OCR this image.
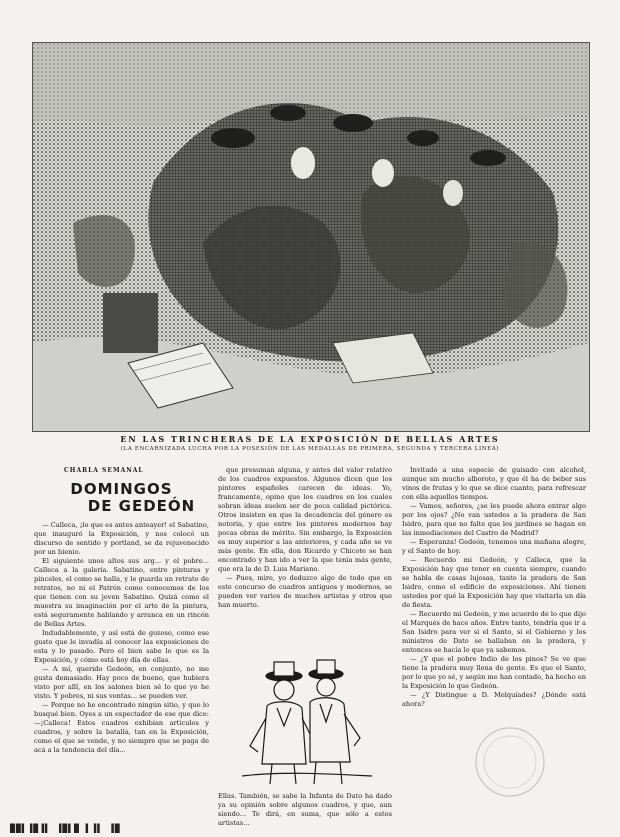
EN LAS TRINCHERAS DE LA EXPOSICIÓN DE BELLAS ARTES
(LA ENCARNIZADA LUCHA POR LA POSESIÓN DE LAS MEDALLAS DE PRIMERA, SEGUNDA Y TERCERA LINEA)
CHARLA SEMANAL
DOMINGOS
DE GEDEÓN

— Calleca, ¡lo que es antes anteayer! el Sabatino, que inauguró la Exposición, y nos colocó un discurso de sentido y portland, se da rejuvenecido por un bienio.

El siguiente unos altos sus arg... y el pobre... Calleca a la galería. Sabatino, entre pinturas y pinceles, el como se halla, y le guarda un retrato de retratos, no ni el Patrón como conocemos de los que tienen con su joven Sabatino. Quizá como el muestra su imaginación por el arte de la pintura, está seguramente hablando y arranca en un rincón de Bellas Artes.

Indudablemente, y así está de gozoso, como ese gusto que le invadía al conocer las exposiciones de esta y lo pasado. Pero el bien sabe lo que es la Exposición, y cómo está hoy día de ellas.

— A mí, querido Gedeón, en conjunto, no me gusta demasiado. Hay poco de bueno, que hubiera visto por allí, en los salones bien sé lo que yo he visto. Y pobres, ni sus ventas... se pueden ver.

— Porque no he encontrado ningún sitio, y que lo busqué bien. Oyes a un espectador de ese que dice: —¡Calleca! Estos cuadros exhibían artículos y cuadros, y sobre la batalla, tan en la Exposición, como el que se vende, y no siempre que se paga de acá a la tendencia del día...

que presuman alguna, y antes del valor relativo de los cuadros expuestos. Algunos dicen que los pintores españoles carecen de ideas. Yo, francamente, opino que los cuadros en los cuales sobran ideas suelen ser de poca calidad pictórica. Otros insisten en que la decadencia del género es notoria, y que entre los pintores modernos hay pocas obras de mérito. Sin embargo, la Exposición es muy superior a las anteriores, y cada año se ve más gente. En ella, don Ricardo y Chicote se han encontrado y han ido a ver la que tenía más gente, que era la de D. Luis Mariano.

— Pues, mire, yo deduzco algo de todo que en este concurso de cuadros antiguos y modernos, se pueden ver varios de muchos artistas y otros que han muerto.

Ellas. También, se sabe la Infanta de Dato ha dado ya su opinión sobre algunos cuadros, y que, aun siendo... Te dirá, en suma, que sólo a estos artistas...

Invitado a una especie de guisado con alcohol, aunque sin mucho alboroto, y que él ha de beber sus vinos de frutas y lo que se dice cuanto, para refrescar con ella aquellos tiempos.

— Vamos, señores, ¿se les puede ahora entrar algo por los ojos? ¿No van ustedes a la pradera de San Isidro, para que no falte que los jardines se hagan en las inmediaciones del Castro de Madrid?

— Esperanza! Gedeón, tenemos una mañana alegre, y el Santo de hoy.

— Recuerdo mi Gedeón, y Calleca, que la Exposición hay que tener en cuenta siempre, cuando se habla de casas lujosas, tanto la pradera de San Isidro, como el edificio de exposiciones. Ahí tienen ustedes por qué la Exposición hay que visitarla un día de fiesta.

— Recuerdo mi Gedeón, y me acuerdo de lo que dijo el Marqués de hace años. Entre tanto, tendría que ir a San Isidro para ver si el Santo, si el Gobierno y los ministros de Dato se hallaban en la pradera, y entonces se hacía lo que ya sabemos.

— ¿Y que el pobre Indio de los pinos? Se ve que tiene la pradera muy llena de gente. Es que el Santo, por lo que yo sé, y según me han contado, ha hecho en la Exposición lo que Gedeón.

— ¿Y Distingue a D. Melquíades? ¿Dónde está ahora?

██▌▐█▐▌ ▐█▌█ ▌▐▌ ▐█
